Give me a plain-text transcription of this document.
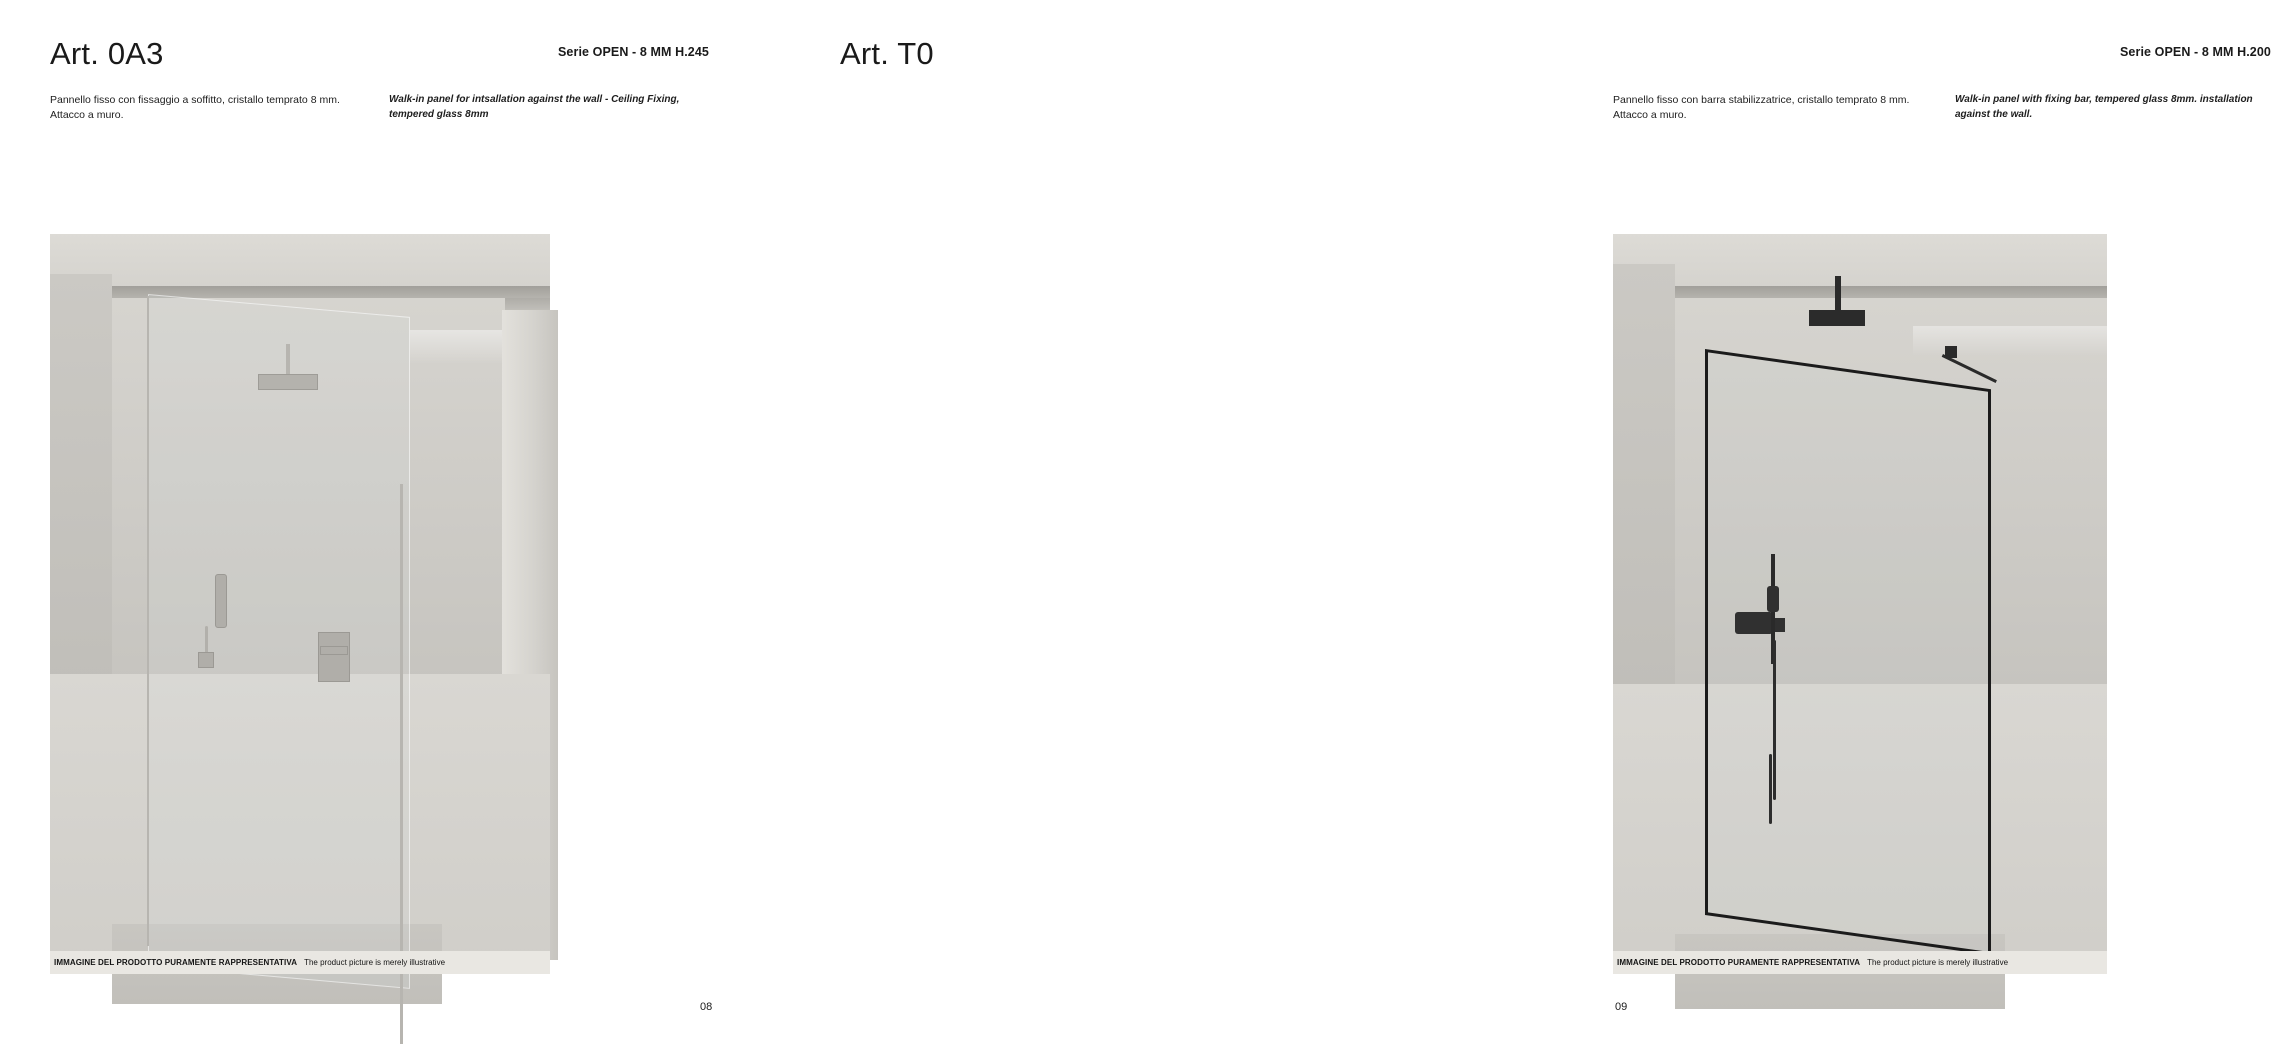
Art. 0A3	Serie OPEN - 8 MM H.245
Pannello fisso con fissaggio a soffitto, cristallo temprato 8 mm. Attacco a muro.
Walk-in panel for intsallation against the wall - Ceiling Fixing, tempered glass 8mm
IMMAGINE DEL PRODOTTO PURAMENTE RAPPRESENTATIVA The product picture is merely illustrative
08
Art. T0	Serie OPEN - 8 MM H.200
Pannello fisso con barra stabilizzatrice, cristallo temprato 8 mm. Attacco a muro.
Walk-in panel with fixing bar, tempered glass 8mm. installation against the wall.
IMMAGINE DEL PRODOTTO PURAMENTE RAPPRESENTATIVA The product picture is merely illustrative
09
